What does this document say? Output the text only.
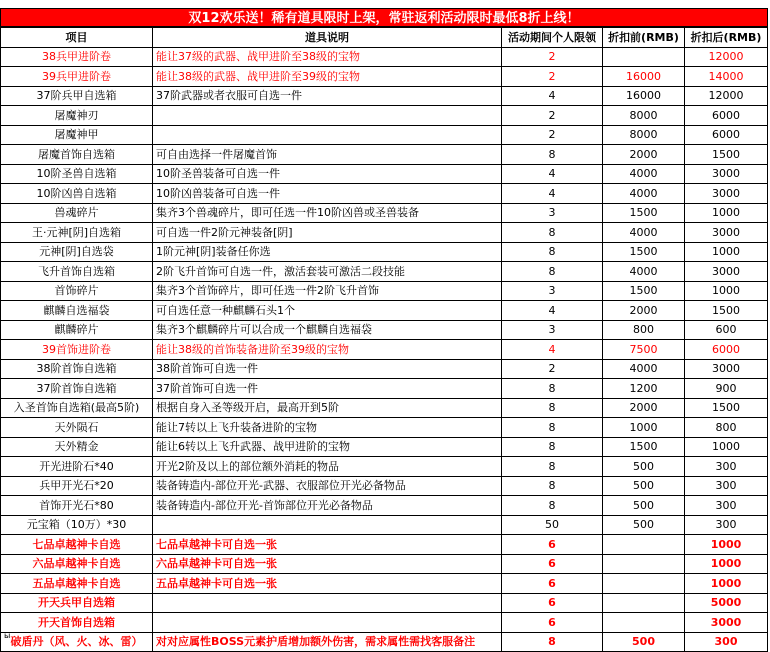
双12欢乐送！稀有道具限时上架，常驻返利活动限时最低8折上线！
项目	道具说明	活动期间个人限领	折扣前(RMB)	折扣后(RMB)
38兵甲进阶卷	能让37级的武器、战甲进阶至38级的宝物	2		12000
39兵甲进阶卷	能让38级的武器、战甲进阶至39级的宝物	2	16000	14000
37阶兵甲自选箱	37阶武器或者衣服可自选一件	4	16000	12000
屠魔神刃		2	8000	6000
屠魔神甲		2	8000	6000
屠魔首饰自选箱	可自由选择一件屠魔首饰	8	2000	1500
10阶圣兽自选箱	10阶圣兽装备可自选一件	4	4000	3000
10阶凶兽自选箱	10阶凶兽装备可自选一件	4	4000	3000
兽魂碎片	集齐3个兽魂碎片，即可任选一件10阶凶兽或圣兽装备	3	1500	1000
王·元神[阴]自选箱	可自选一件2阶元神装备[阴]	8	4000	3000
元神[阴]自选袋	1阶元神[阴]装备任你选	8	1500	1000
飞升首饰自选箱	2阶飞升首饰可自选一件，激活套装可激活二段技能	8	4000	3000
首饰碎片	集齐3个首饰碎片，即可任选一件2阶飞升首饰	3	1500	1000
麒麟自选福袋	可自选任意一种麒麟石头1个	4	2000	1500
麒麟碎片	集齐3个麒麟碎片可以合成一个麒麟自选福袋	3	800	600
39首饰进阶卷	能让38级的首饰装备进阶至39级的宝物	4	7500	6000
38阶首饰自选箱	38阶首饰可自选一件	2	4000	3000
37阶首饰自选箱	37阶首饰可自选一件	8	1200	900
入圣首饰自选箱(最高5阶)	根据自身入圣等级开启，最高开到5阶	8	2000	1500
天外陨石	能让7转以上飞升装备进阶的宝物	8	1000	800
天外精金	能让6转以上飞升武器、战甲进阶的宝物	8	1500	1000
开光进阶石*40	开光2阶及以上的部位额外消耗的物品	8	500	300
兵甲开光石*20	装备铸造内-部位开光-武器、衣服部位开光必备物品	8	500	300
首饰开光石*80	装备铸造内-部位开光-首饰部位开光必备物品	8	500	300
元宝箱（10万）*30		50	500	300
七品卓越神卡自选	七品卓越神卡可自选一张	6		1000
六品卓越神卡自选	六品卓越神卡可自选一张	6		1000
五品卓越神卡自选	五品卓越神卡可自选一张	6		1000
开天兵甲自选箱		6		5000
开天首饰自选箱		6		3000
破盾丹（风、火、冰、雷）	对对应属性BOSS元素护盾增加额外伤害，需求属性需找客服备注	8	500	300
ы
